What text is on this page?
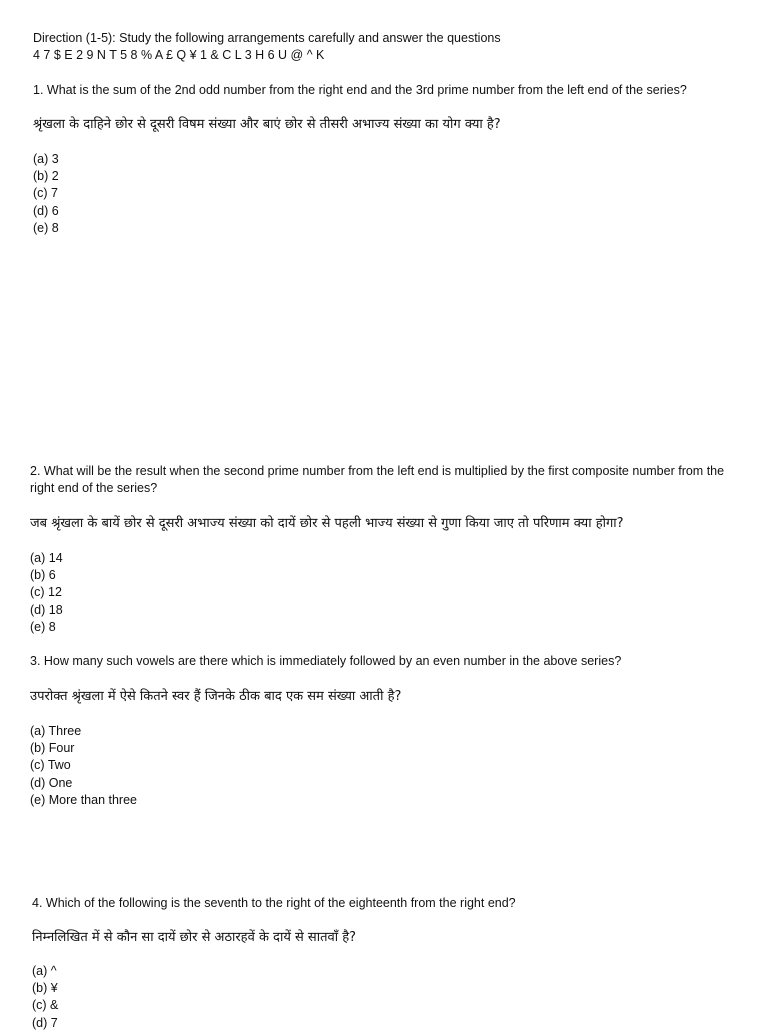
Direction (1-5): Study the following arrangements carefully and answer the questions
4 7 $ E 2 9 N T 5 8 % A £ Q ¥ 1 & C L 3 H 6 U @ ^ K
1. What is the sum of the 2nd odd number from the right end and the 3rd prime number from the left end of the series?
श्रृंखला के दाहिने छोर से दूसरी विषम संख्या और बाएं छोर से तीसरी अभाज्य संख्या का योग क्या है?
(a) 3
(b) 2
(c) 7
(d) 6
(e) 8
2. What will be the result when the second prime number from the left end is multiplied by the first composite number from the right end of the series?
जब श्रृंखला के बायें छोर से दूसरी अभाज्य संख्या को दायें छोर से पहली भाज्य संख्या से गुणा किया जाए तो परिणाम क्या होगा?
(a) 14
(b) 6
(c) 12
(d) 18
(e) 8
3. How many such vowels are there which is immediately followed by an even number in the above series?
उपरोक्त श्रृंखला में ऐसे कितने स्वर हैं जिनके ठीक बाद एक सम संख्या आती है?
(a) Three
(b) Four
(c) Two
(d) One
(e) More than three
4. Which of the following is the seventh to the right of the eighteenth from the right end?
निम्नलिखित में से कौन सा दायें छोर से अठारहवें के दायें से सातवाँ है?
(a) ^
(b) ¥
(c) &
(d) 7
